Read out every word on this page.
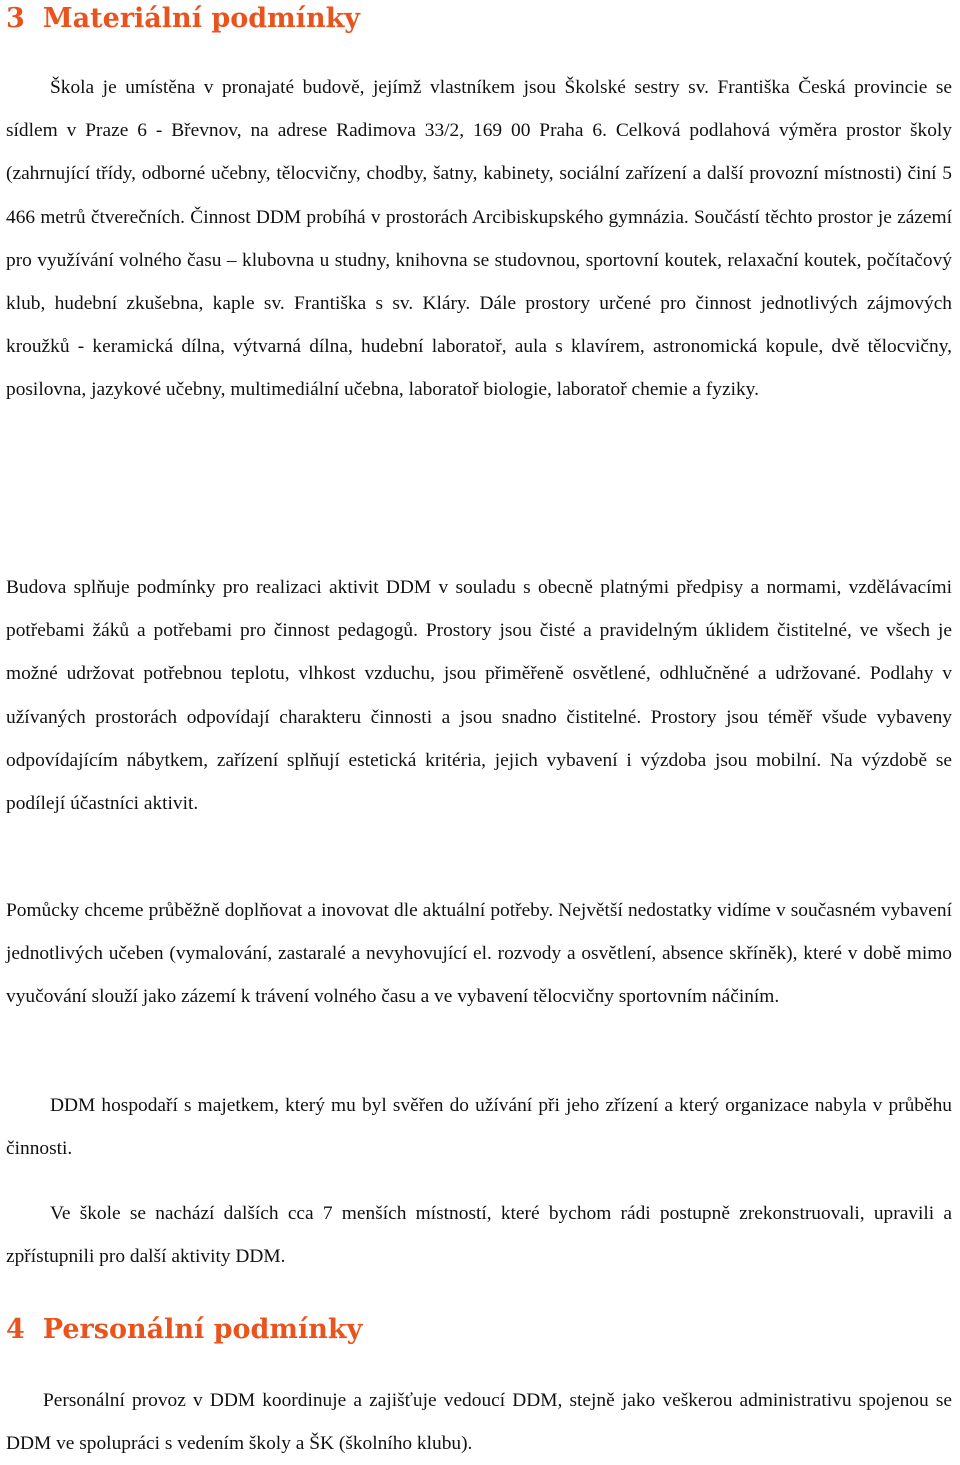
3 Materiální podmínky

Škola je umístěna v pronajaté budově, jejímž vlastníkem jsou Školské sestry sv. Františka Česká provincie se sídlem v Praze 6 - Břevnov, na adrese Radimova 33/2, 169 00 Praha 6. Celková podlahová výměra prostor školy (zahrnující třídy, odborné učebny, tělocvičny, chodby, šatny, kabinety, sociální zařízení a další provozní místnosti) činí 5 466 metrů čtverečních. Činnost DDM probíhá v prostorách Arcibiskupského gymnázia. Součástí těchto prostor je zázemí pro využívání volného času – klubovna u studny, knihovna se studovnou, sportovní koutek, relaxační koutek, počítačový klub, hudební zkušebna, kaple sv. Františka s sv. Kláry. Dále prostory určené pro činnost jednotlivých zájmových kroužků - keramická dílna, výtvarná dílna, hudební laboratoř, aula s klavírem, astronomická kopule, dvě tělocvičny, posilovna, jazykové učebny, multimediální učebna, laboratoř biologie, laboratoř chemie a fyziky.

Budova splňuje podmínky pro realizaci aktivit DDM v souladu s obecně platnými předpisy a normami, vzdělávacími potřebami žáků a potřebami pro činnost pedagogů. Prostory jsou čisté a pravidelným úklidem čistitelné, ve všech je možné udržovat potřebnou teplotu, vlhkost vzduchu, jsou přiměřeně osvětlené, odhlučněné a udržované. Podlahy v užívaných prostorách odpovídají charakteru činnosti a jsou snadno čistitelné. Prostory jsou téměř všude vybaveny odpovídajícím nábytkem, zařízení splňují estetická kritéria, jejich vybavení i výzdoba jsou mobilní. Na výzdobě se podílejí účastníci aktivit.

Pomůcky chceme průběžně doplňovat a inovovat dle aktuální potřeby. Největší nedostatky vidíme v současném vybavení jednotlivých učeben (vymalování, zastaralé a nevyhovující el. rozvody a osvětlení, absence skříněk), které v době mimo vyučování slouží jako zázemí k trávení volného času a ve vybavení tělocvičny sportovním náčiním.

DDM hospodaří s majetkem, který mu byl svěřen do užívání při jeho zřízení a který organizace nabyla v průběhu činnosti.

Ve škole se nachází dalších cca 7 menších místností, které bychom rádi postupně zrekonstruovali, upravili a zpřístupnili pro další aktivity DDM.

4 Personální podmínky

Personální provoz v DDM koordinuje a zajišťuje vedoucí DDM, stejně jako veškerou administrativu spojenou se DDM ve spolupráci s vedením školy a ŠK (školního klubu).
